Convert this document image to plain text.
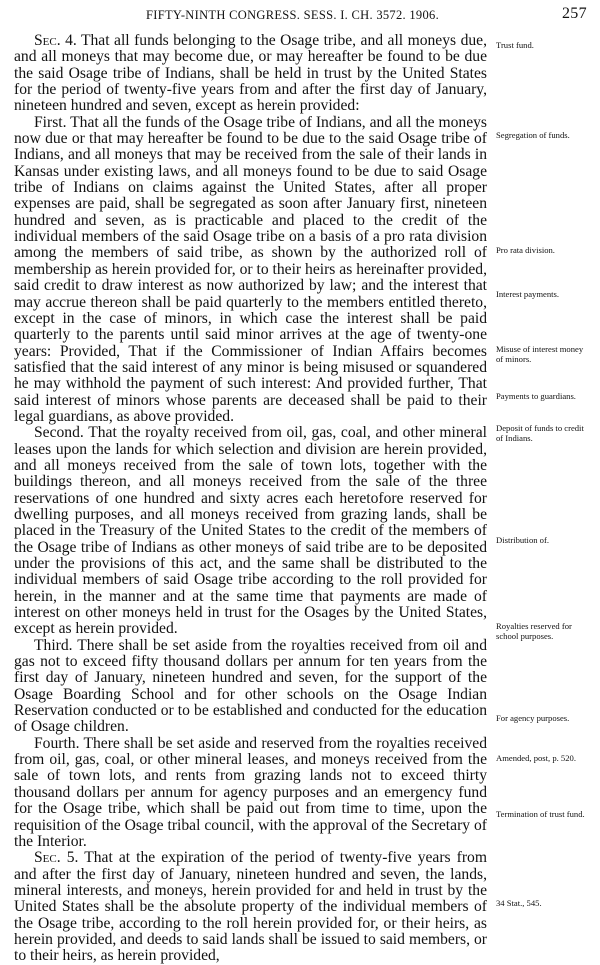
FIFTY-NINTH CONGRESS. SESS. I. CH. 3572. 1906.	257

Sec. 4. That all funds belonging to the Osage tribe, and all moneys due, and all moneys that may become due, or may hereafter be found to be due the said Osage tribe of Indians, shall be held in trust by the United States for the period of twenty-five years from and after the first day of January, nineteen hundred and seven, except as herein provided:

First. That all the funds of the Osage tribe of Indians, and all the moneys now due or that may hereafter be found to be due to the said Osage tribe of Indians, and all moneys that may be received from the sale of their lands in Kansas under existing laws, and all moneys found to be due to said Osage tribe of Indians on claims against the United States, after all proper expenses are paid, shall be segregated as soon after January first, nineteen hundred and seven, as is practicable and placed to the credit of the individual members of the said Osage tribe on a basis of a pro rata division among the members of said tribe, as shown by the authorized roll of membership as herein provided for, or to their heirs as hereinafter provided, said credit to draw interest as now authorized by law; and the interest that may accrue thereon shall be paid quarterly to the members entitled thereto, except in the case of minors, in which case the interest shall be paid quarterly to the parents until said minor arrives at the age of twenty-one years: Provided, That if the Commissioner of Indian Affairs becomes satisfied that the said interest of any minor is being misused or squandered he may withhold the payment of such interest: And provided further, That said interest of minors whose parents are deceased shall be paid to their legal guardians, as above provided.

Second. That the royalty received from oil, gas, coal, and other mineral leases upon the lands for which selection and division are herein provided, and all moneys received from the sale of town lots, together with the buildings thereon, and all moneys received from the sale of the three reservations of one hundred and sixty acres each heretofore reserved for dwelling purposes, and all moneys received from grazing lands, shall be placed in the Treasury of the United States to the credit of the members of the Osage tribe of Indians as other moneys of said tribe are to be deposited under the provisions of this act, and the same shall be distributed to the individual members of said Osage tribe according to the roll provided for herein, in the manner and at the same time that payments are made of interest on other moneys held in trust for the Osages by the United States, except as herein provided.

Third. There shall be set aside from the royalties received from oil and gas not to exceed fifty thousand dollars per annum for ten years from the first day of January, nineteen hundred and seven, for the support of the Osage Boarding School and for other schools on the Osage Indian Reservation conducted or to be established and conducted for the education of Osage children.

Fourth. There shall be set aside and reserved from the royalties received from oil, gas, coal, or other mineral leases, and moneys received from the sale of town lots, and rents from grazing lands not to exceed thirty thousand dollars per annum for agency purposes and an emergency fund for the Osage tribe, which shall be paid out from time to time, upon the requisition of the Osage tribal council, with the approval of the Secretary of the Interior.

Sec. 5. That at the expiration of the period of twenty-five years from and after the first day of January, nineteen hundred and seven, the lands, mineral interests, and moneys, herein provided for and held in trust by the United States shall be the absolute property of the individual members of the Osage tribe, according to the roll herein provided for, or their heirs, as herein provided, and deeds to said lands shall be issued to said members, or to their heirs, as herein provided,

Trust fund.
Segregation of funds.
Pro rata division.
Interest payments.
Misuse of interest money of minors.
Payments to guardians.
Deposit of funds to credit of Indians.
Distribution of.
Royalties reserved for school purposes.
For agency purposes.
Amended, post, p. 520.
Termination of trust fund.
34 Stat., 545.
